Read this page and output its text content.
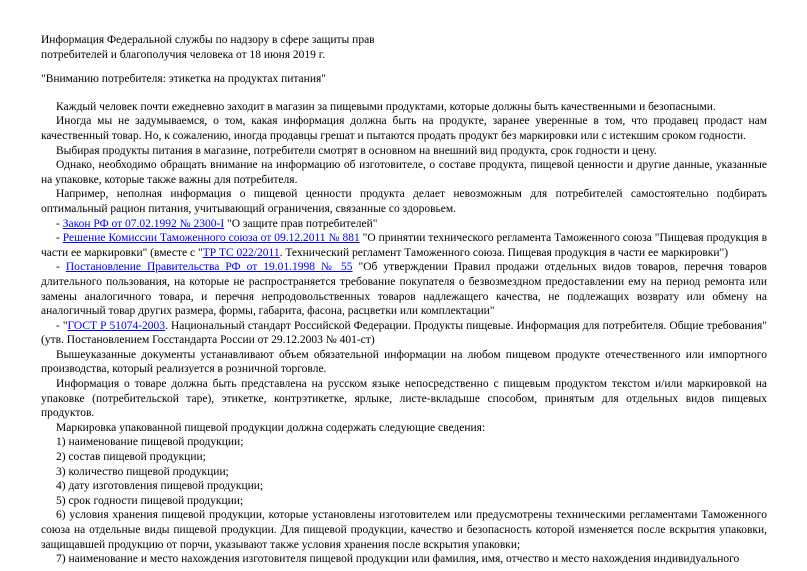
Информация Федеральной службы по надзору в сфере защиты прав
потребителей и благополучия человека от 18 июня 2019 г.
"Вниманию потребителя: этикетка на продуктах питания"

Каждый человек почти ежедневно заходит в магазин за пищевыми продуктами, которые должны быть качественными и безопасными.

Иногда мы не задумываемся, о том, какая информация должна быть на продукте, заранее уверенные в том, что продавец продаст нам качественный товар. Но, к сожалению, иногда продавцы грешат и пытаются продать продукт без маркировки или с истекшим сроком годности.

Выбирая продукты питания в магазине, потребители смотрят в основном на внешний вид продукта, срок годности и цену.

Однако, необходимо обращать внимание на информацию об изготовителе, о составе продукта, пищевой ценности и другие данные, указанные на упаковке, которые также важны для потребителя.

Например, неполная информация о пищевой ценности продукта делает невозможным для потребителей самостоятельно подбирать оптимальный рацион питания, учитывающий ограничения, связанные со здоровьем.

- Закон РФ от 07.02.1992 № 2300-I "О защите прав потребителей"

- Решение Комиссии Таможенного союза от 09.12.2011 № 881 "О принятии технического регламента Таможенного союза "Пищевая продукция в части ее маркировки" (вместе с "ТР ТС 022/2011. Технический регламент Таможенного союза. Пищевая продукция в части ее маркировки")

- Постановление Правительства РФ от 19.01.1998 № 55 "Об утверждении Правил продажи отдельных видов товаров, перечня товаров длительного пользования, на которые не распространяется требование покупателя о безвозмездном предоставлении ему на период ремонта или замены аналогичного товара, и перечня непродовольственных товаров надлежащего качества, не подлежащих возврату или обмену на аналогичный товар других размера, формы, габарита, фасона, расцветки или комплектации"

- "ГОСТ Р 51074-2003. Национальный стандарт Российской Федерации. Продукты пищевые. Информация для потребителя. Общие требования" (утв. Постановлением Госстандарта России от 29.12.2003 № 401-ст)

Вышеуказанные документы устанавливают объем обязательной информации на любом пищевом продукте отечественного или импортного производства, который реализуется в розничной торговле.

Информация о товаре должна быть представлена на русском языке непосредственно с пищевым продуктом текстом и/или маркировкой на упаковке (потребительской таре), этикетке, контрэтикетке, ярлыке, листе-вкладыше способом, принятым для отдельных видов пищевых продуктов.

Маркировка упакованной пищевой продукции должна содержать следующие сведения:

1) наименование пищевой продукции;
2) состав пищевой продукции;
3) количество пищевой продукции;
4) дату изготовления пищевой продукции;
5) срок годности пищевой продукции;

6) условия хранения пищевой продукции, которые установлены изготовителем или предусмотрены техническими регламентами Таможенного союза на отдельные виды пищевой продукции. Для пищевой продукции, качество и безопасность которой изменяется после вскрытия упаковки, защищавшей продукцию от порчи, указывают также условия хранения после вскрытия упаковки;

7) наименование и место нахождения изготовителя пищевой продукции или фамилия, имя, отчество и место нахождения индивидуального
